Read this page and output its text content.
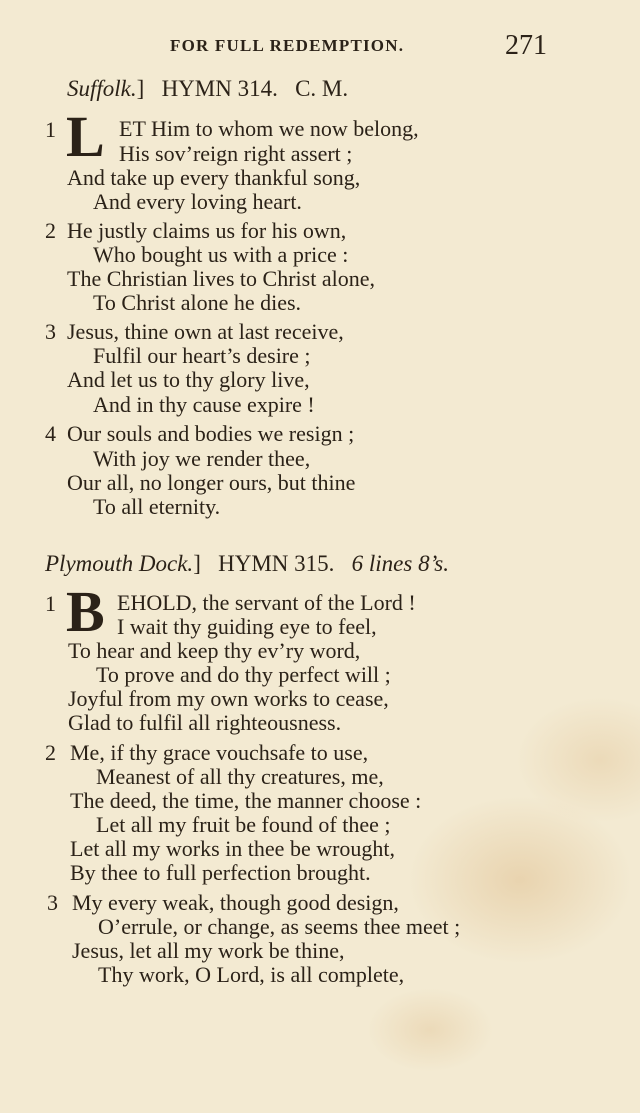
FOR FULL REDEMPTION.	271
Suffolk.] HYMN 314. C. M.
1 L ET Him to whom we now belong,
His sov’reign right assert ;
And take up every thankful song,
And every loving heart.
2 He justly claims us for his own,
Who bought us with a price :
The Christian lives to Christ alone,
To Christ alone he dies.
3 Jesus, thine own at last receive,
Fulfil our heart’s desire ;
And let us to thy glory live,
And in thy cause expire !
4 Our souls and bodies we resign ;
With joy we render thee,
Our all, no longer ours, but thine
To all eternity.
Plymouth Dock.] HYMN 315. 6 lines 8’s.
1 B EHOLD, the servant of the Lord !
I wait thy guiding eye to feel,
To hear and keep thy ev’ry word,
To prove and do thy perfect will ;
Joyful from my own works to cease,
Glad to fulfil all righteousness.
2 Me, if thy grace vouchsafe to use,
Meanest of all thy creatures, me,
The deed, the time, the manner choose :
Let all my fruit be found of thee ;
Let all my works in thee be wrought,
By thee to full perfection brought.
3 My every weak, though good design,
O’errule, or change, as seems thee meet ;
Jesus, let all my work be thine,
Thy work, O Lord, is all complete,
